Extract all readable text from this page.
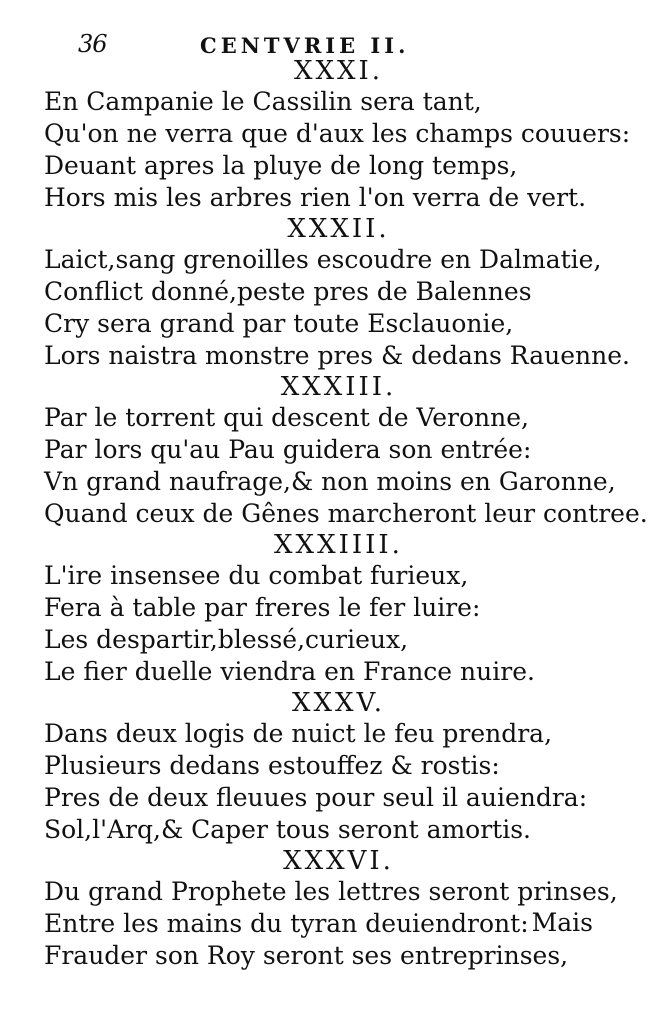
36	CENTVRIE II.
XXXI.
En Campanie le Cassilin sera tant,
Qu'on ne verra que d'aux les champs couuers:
Deuant apres la pluye de long temps,
Hors mis les arbres rien l'on verra de vert.
XXXII.
Laict,sang grenoilles escoudre en Dalmatie,
Conflict donné,peste pres de Balennes
Cry sera grand par toute Esclauonie,
Lors naistra monstre pres & dedans Rauenne.
XXXIII.
Par le torrent qui descent de Veronne,
Par lors qu'au Pau guidera son entrée:
Vn grand naufrage,& non moins en Garonne,
Quand ceux de Gênes marcheront leur contree.
XXXIIII.
L'ire insensee du combat furieux,
Fera à table par freres le fer luire:
Les despartir,blessé,curieux,
Le fier duelle viendra en France nuire.
XXXV.
Dans deux logis de nuict le feu prendra,
Plusieurs dedans estouffez & rostis:
Pres de deux fleuues pour seul il auiendra:
Sol,l'Arq,& Caper tous seront amortis.
XXXVI.
Du grand Prophete les lettres seront prinses,
Entre les mains du tyran deuiendront:
Frauder son Roy seront ses entreprinses,
Mais
